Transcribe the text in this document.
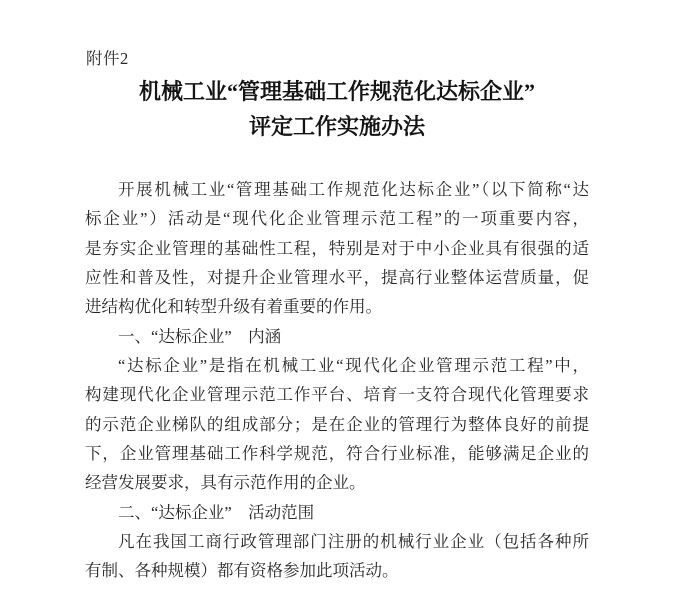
附件2
机械工业“管理基础工作规范化达标企业”
评定工作实施办法
开展机械工业“管理基础工作规范化达标企业”（以下简称“达
标企业”）活动是“现代化企业管理示范工程”的一项重要内容，
是夯实企业管理的基础性工程，特别是对于中小企业具有很强的适
应性和普及性，对提升企业管理水平，提高行业整体运营质量，促
进结构优化和转型升级有着重要的作用。
一、“达标企业”　内涵
“达标企业”是指在机械工业“现代化企业管理示范工程”中，
构建现代化企业管理示范工作平台、培育一支符合现代化管理要求
的示范企业梯队的组成部分；是在企业的管理行为整体良好的前提
下，企业管理基础工作科学规范，符合行业标准，能够满足企业的
经营发展要求，具有示范作用的企业。
二、“达标企业”　活动范围
凡在我国工商行政管理部门注册的机械行业企业（包括各种所
有制、各种规模）都有资格参加此项活动。
